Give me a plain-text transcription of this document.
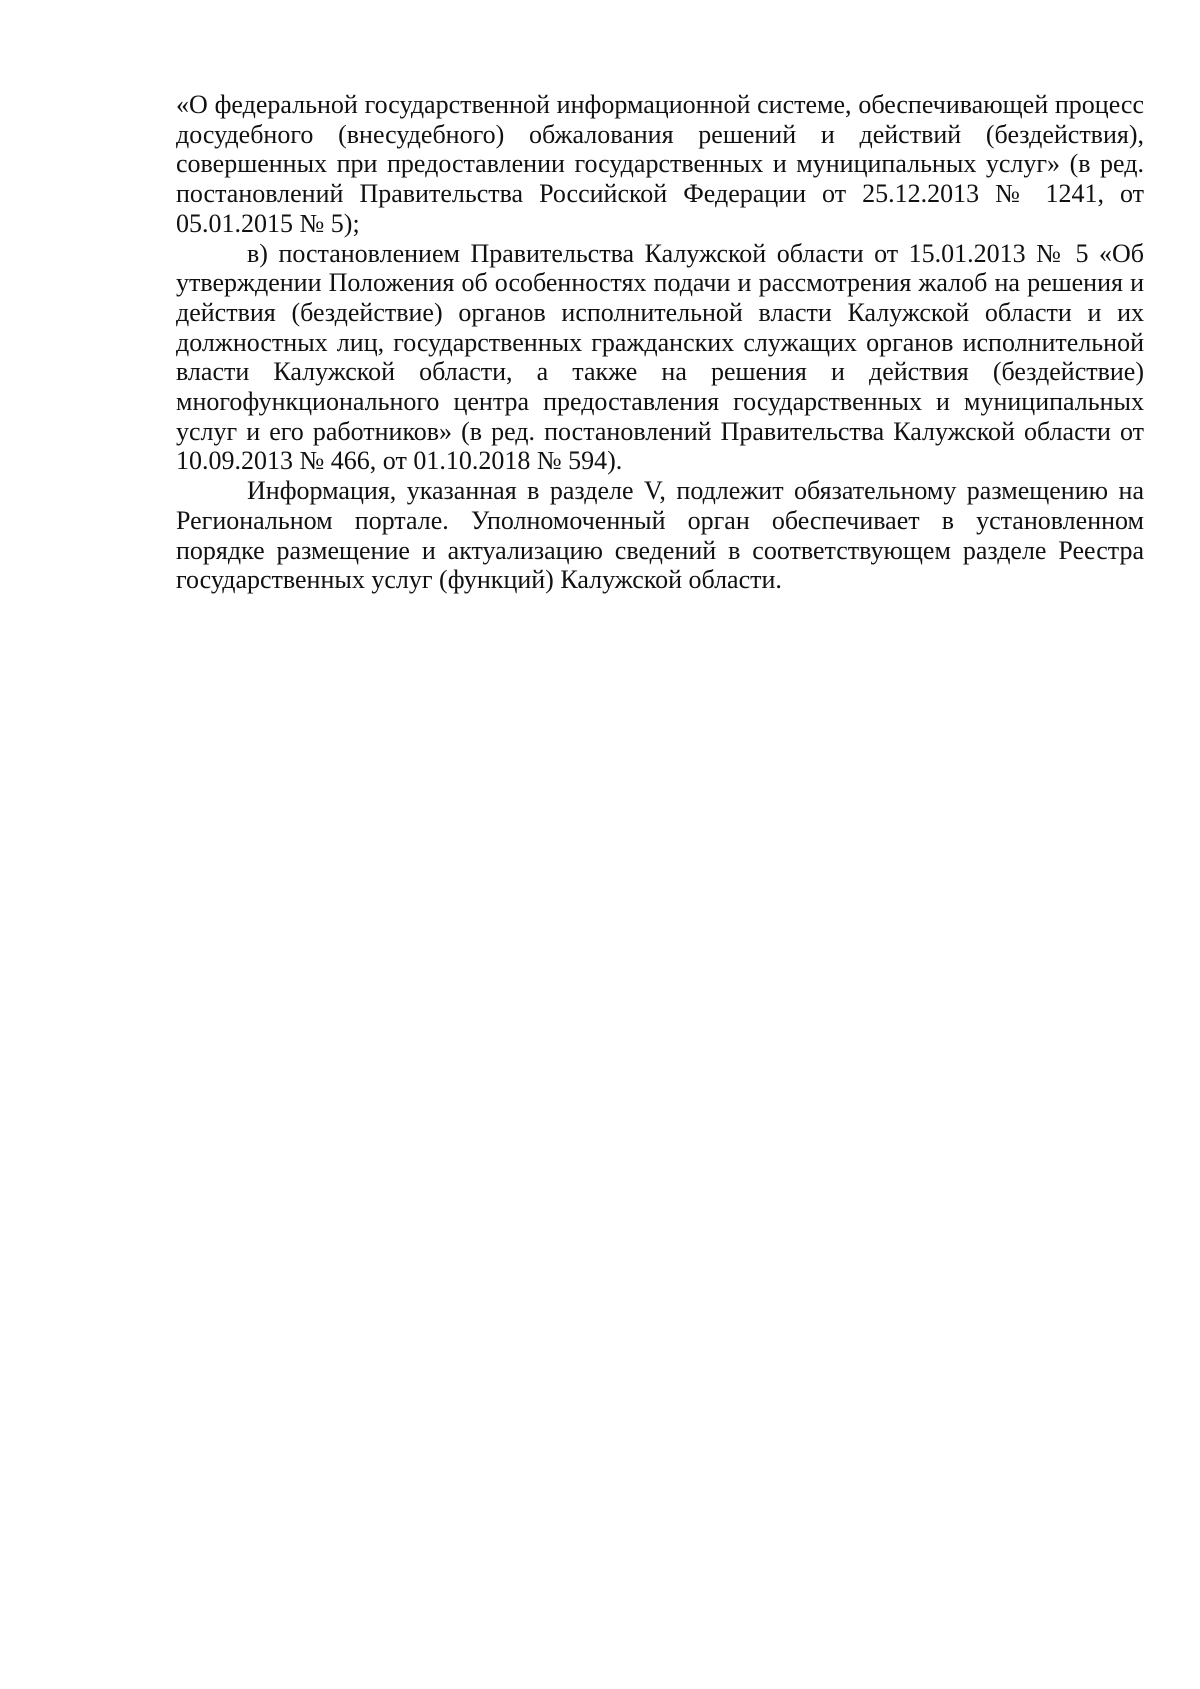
«О федеральной государственной информационной системе, обеспечивающей процесс досудебного (внесудебного) обжалования решений и действий (бездействия), совершенных при предоставлении государственных и муниципальных услуг» (в ред. постановлений Правительства Российской Федерации от 25.12.2013 № 1241, от 05.01.2015 № 5);

в) постановлением Правительства Калужской области от 15.01.2013 № 5 «Об утверждении Положения об особенностях подачи и рассмотрения жалоб на решения и действия (бездействие) органов исполнительной власти Калужской области и их должностных лиц, государственных гражданских служащих органов исполнительной власти Калужской области, а также на решения и действия (бездействие) многофункционального центра предоставления государственных и муниципальных услуг и его работников» (в ред. постановлений Правительства Калужской области от 10.09.2013 № 466, от 01.10.2018 № 594).

Информация, указанная в разделе V, подлежит обязательному размещению на Региональном портале. Уполномоченный орган обеспечивает в установленном порядке размещение и актуализацию сведений в соответствующем разделе Реестра государственных услуг (функций) Калужской области.
